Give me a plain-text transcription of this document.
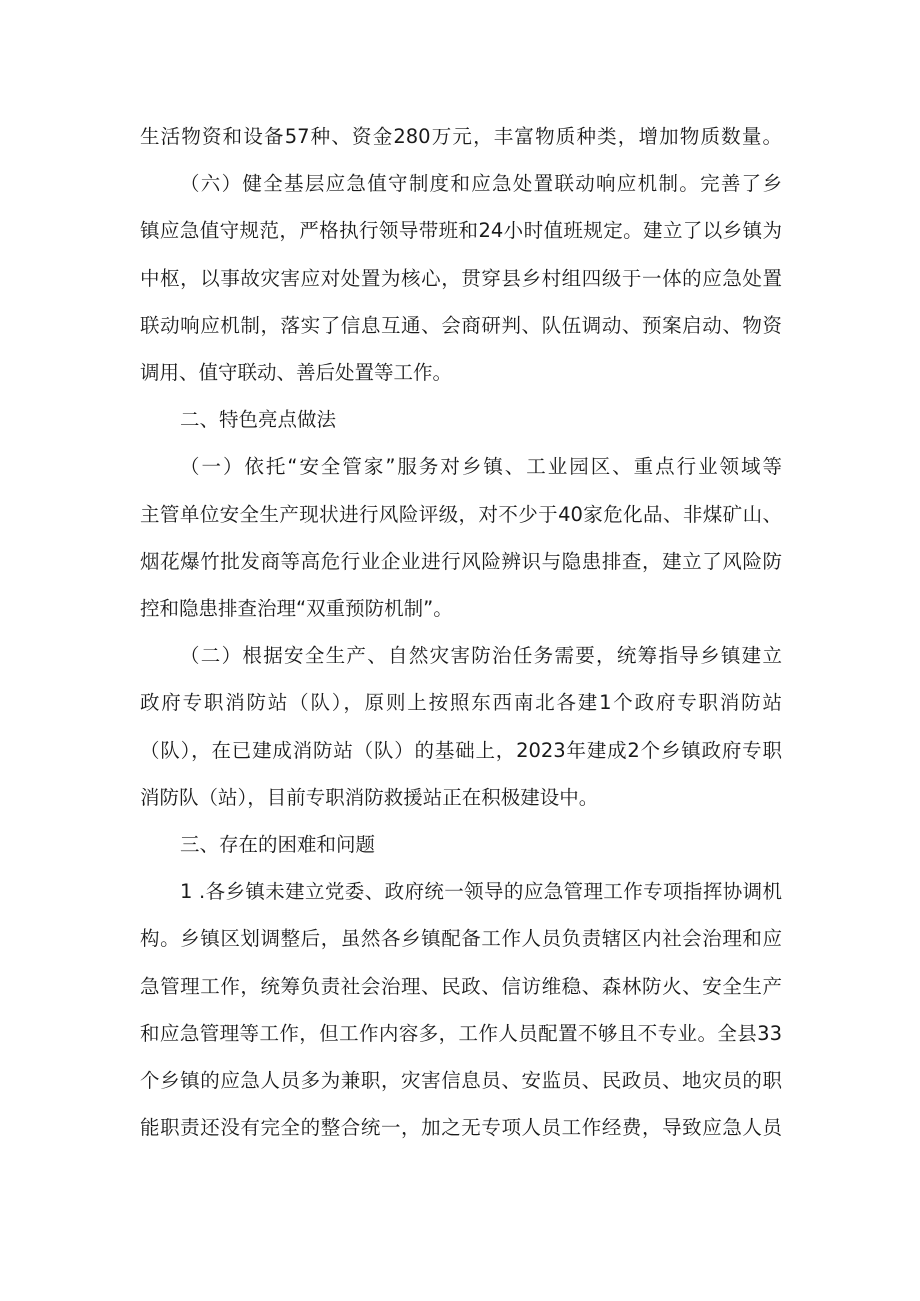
生活物资和设备57种、资金280万元，丰富物质种类，增加物质数量。
（六）健全基层应急值守制度和应急处置联动响应机制。完善了乡
镇应急值守规范，严格执行领导带班和24小时值班规定。建立了以乡镇为
中枢，以事故灾害应对处置为核心，贯穿县乡村组四级于一体的应急处置
联动响应机制，落实了信息互通、会商研判、队伍调动、预案启动、物资
调用、值守联动、善后处置等工作。
二、特色亮点做法
（一）依托“安全管家”服务对乡镇、工业园区、重点行业领域等
主管单位安全生产现状进行风险评级，对不少于40家危化品、非煤矿山、
烟花爆竹批发商等高危行业企业进行风险辨识与隐患排查，建立了风险防
控和隐患排查治理“双重预防机制”。
（二）根据安全生产、自然灾害防治任务需要，统筹指导乡镇建立
政府专职消防站（队），原则上按照东西南北各建1个政府专职消防站
（队），在已建成消防站（队）的基础上，2023年建成2个乡镇政府专职
消防队（站），目前专职消防救援站正在积极建设中。
三、存在的困难和问题
1 .各乡镇未建立党委、政府统一领导的应急管理工作专项指挥协调机
构。乡镇区划调整后，虽然各乡镇配备工作人员负责辖区内社会治理和应
急管理工作，统筹负责社会治理、民政、信访维稳、森林防火、安全生产
和应急管理等工作，但工作内容多，工作人员配置不够且不专业。全县33
个乡镇的应急人员多为兼职，灾害信息员、安监员、民政员、地灾员的职
能职责还没有完全的整合统一，加之无专项人员工作经费，导致应急人员
